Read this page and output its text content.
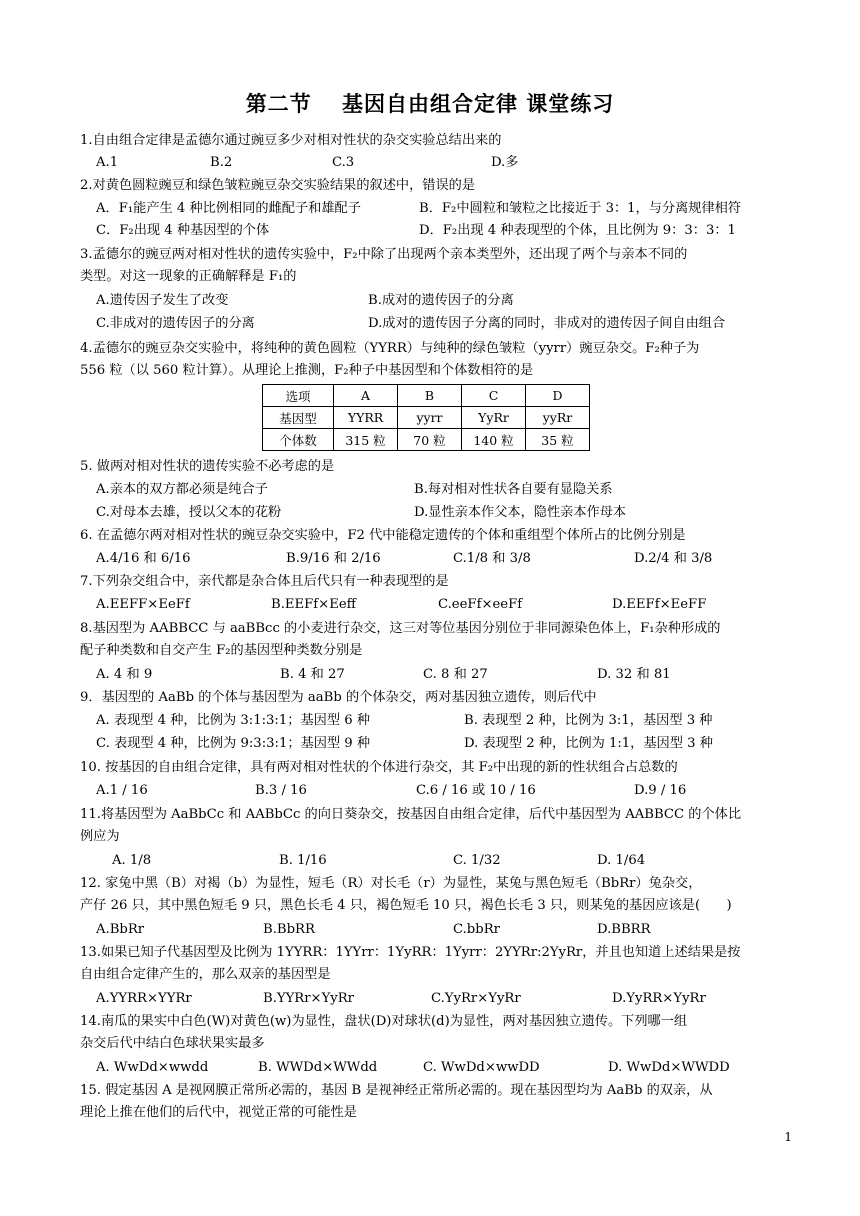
第二节　 基因自由组合定律 课堂练习
1.自由组合定律是孟德尔通过豌豆多少对相对性状的杂交实验总结出来的
A.1	B.2	C.3	D.多
2.对黄色圆粒豌豆和绿色皱粒豌豆杂交实验结果的叙述中，错误的是
A．F₁能产生 4 种比例相同的雌配子和雄配子	B．F₂中圆粒和皱粒之比接近于 3：1，与分离规律相符
C．F₂出现 4 种基因型的个体	D．F₂出现 4 种表现型的个体，且比例为 9：3：3：1
3.孟德尔的豌豆两对相对性状的遗传实验中，F₂中除了出现两个亲本类型外，还出现了两个与亲本不同的
类型。对这一现象的正确解释是 F₁的
A.遗传因子发生了改变	B.成对的遗传因子的分离
C.非成对的遗传因子的分离	D.成对的遗传因子分离的同时，非成对的遗传因子间自由组合
4.孟德尔的豌豆杂交实验中，将纯种的黄色圆粒（YYRR）与纯种的绿色皱粒（yyrr）豌豆杂交。F₂种子为
556 粒（以 560 粒计算）。从理论上推测，F₂种子中基因型和个体数相符的是
选项	A	B	C	D
基因型	YYRR	yyrr	YyRr	yyRr
个体数	315 粒	70 粒	140 粒	35 粒
5. 做两对相对性状的遗传实验不必考虑的是
A.亲本的双方都必须是纯合子	B.每对相对性状各自要有显隐关系
C.对母本去雄，授以父本的花粉	D.显性亲本作父本，隐性亲本作母本
6. 在孟德尔两对相对性状的豌豆杂交实验中，F2 代中能稳定遗传的个体和重组型个体所占的比例分别是
A.4/16 和 6/16	B.9/16 和 2/16	C.1/8 和 3/8	D.2/4 和 3/8
7.下列杂交组合中，亲代都是杂合体且后代只有一种表现型的是
A.EEFF×EeFf	B.EEFf×Eeff	C.eeFf×eeFf	D.EEFf×EeFF
8.基因型为 AABBCC 与 aaBBcc 的小麦进行杂交，这三对等位基因分别位于非同源染色体上，F₁杂种形成的
配子种类数和自交产生 F₂的基因型种类数分别是
A. 4 和 9	B. 4 和 27	C. 8 和 27	D. 32 和 81
9．基因型的 AaBb 的个体与基因型为 aaBb 的个体杂交，两对基因独立遗传，则后代中
A. 表现型 4 种，比例为 3:1:3:1；基因型 6 种	B. 表现型 2 种，比例为 3:1，基因型 3 种
C. 表现型 4 种，比例为 9:3:3:1；基因型 9 种	D. 表现型 2 种，比例为 1:1，基因型 3 种
10. 按基因的自由组合定律，具有两对相对性状的个体进行杂交，其 F₂中出现的新的性状组合占总数的
A.1 / 16	B.3 / 16	C.6 / 16 或 10 / 16	D.9 / 16
11.将基因型为 AaBbCc 和 AABbCc 的向日葵杂交，按基因自由组合定律，后代中基因型为 AABBCC 的个体比
例应为
A. 1/8	B. 1/16	C. 1/32	D. 1/64
12. 家兔中黑（B）对褐（b）为显性，短毛（R）对长毛（r）为显性，某兔与黑色短毛（BbRr）兔杂交，
产仔 26 只，其中黑色短毛 9 只，黑色长毛 4 只，褐色短毛 10 只，褐色长毛 3 只，则某兔的基因应该是(　　)
A.BbRr	B.BbRR	C.bbRr	D.BBRR
13.如果已知子代基因型及比例为 1YYRR：1YYrr：1YyRR：1Yyrr：2YYRr:2YyRr，并且也知道上述结果是按
自由组合定律产生的，那么双亲的基因型是
A.YYRR×YYRr	B.YYRr×YyRr	C.YyRr×YyRr	D.YyRR×YyRr
14.南瓜的果实中白色(W)对黄色(w)为显性，盘状(D)对球状(d)为显性，两对基因独立遗传。下列哪一组
杂交后代中结白色球状果实最多
A. WwDd×wwdd	B. WWDd×WWdd	C. WwDd×wwDD	D. WwDd×WWDD
15. 假定基因 A 是视网膜正常所必需的，基因 B 是视神经正常所必需的。现在基因型均为 AaBb 的双亲，从
理论上推在他们的后代中，视觉正常的可能性是
1
